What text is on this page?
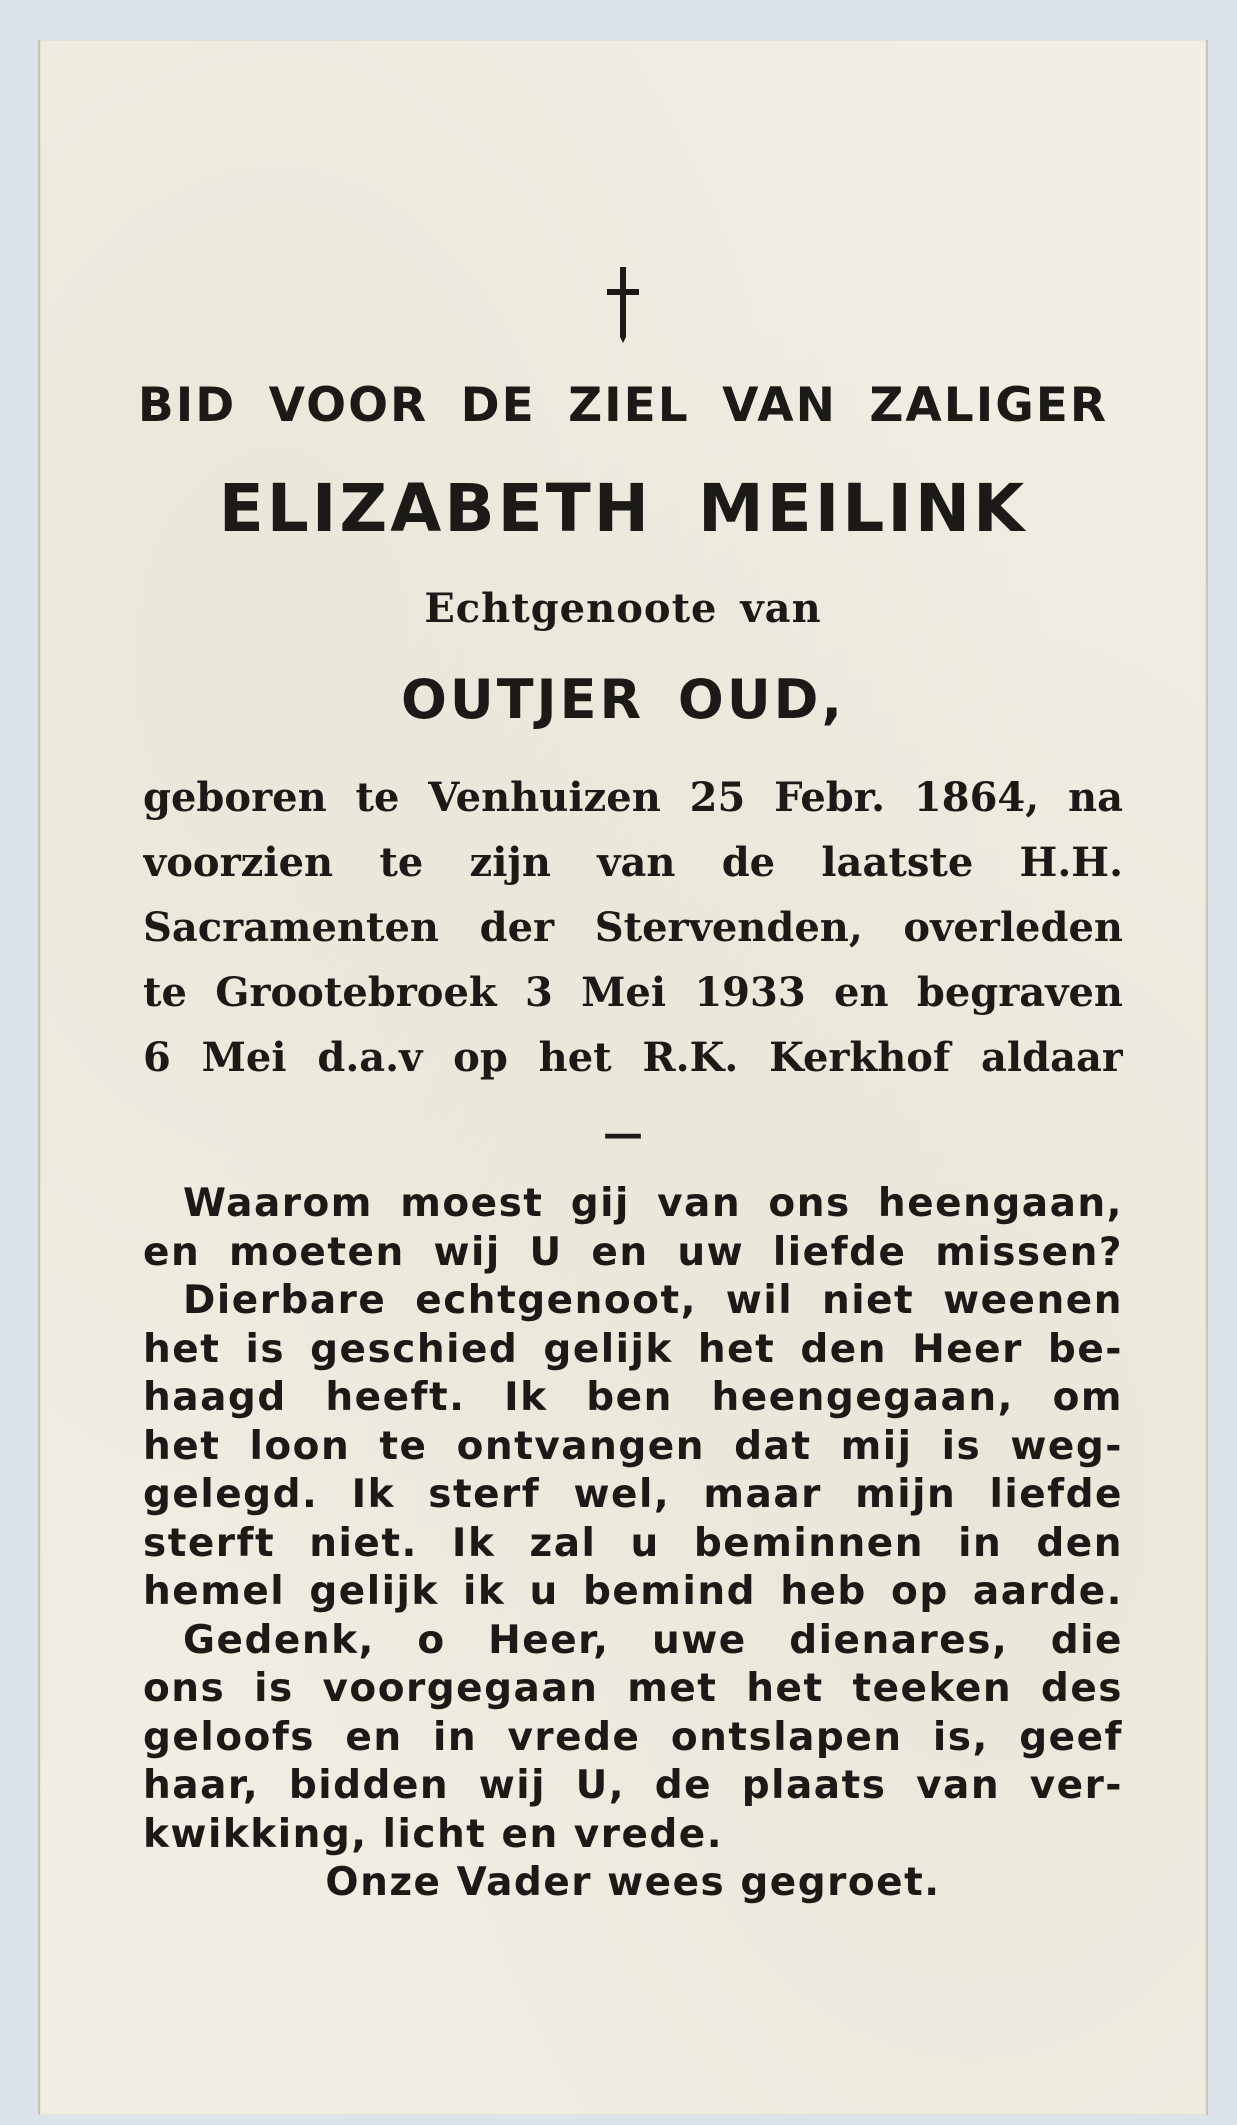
BID VOOR DE ZIEL VAN ZALIGER
ELIZABETH MEILINK
Echtgenoote van
OUTJER OUD,
geboren te Venhuizen 25 Febr. 1864, na
voorzien te zijn van de laatste H.H.
Sacramenten der Stervenden, overleden
te Grootebroek 3 Mei 1933 en begraven
6 Mei d.a.v op het R.K. Kerkhof aldaar
—
Waarom moest gij van ons heengaan,
en moeten wij U en uw liefde missen?
Dierbare echtgenoot, wil niet weenen
het is geschied gelijk het den Heer be-
haagd heeft. Ik ben heengegaan, om
het loon te ontvangen dat mij is weg-
gelegd. Ik sterf wel, maar mijn liefde
sterft niet. Ik zal u beminnen in den
hemel gelijk ik u bemind heb op aarde.
Gedenk, o Heer, uwe dienares, die
ons is voorgegaan met het teeken des
geloofs en in vrede ontslapen is, geef
haar, bidden wij U, de plaats van ver-
kwikking, licht en vrede.
Onze Vader wees gegroet.
